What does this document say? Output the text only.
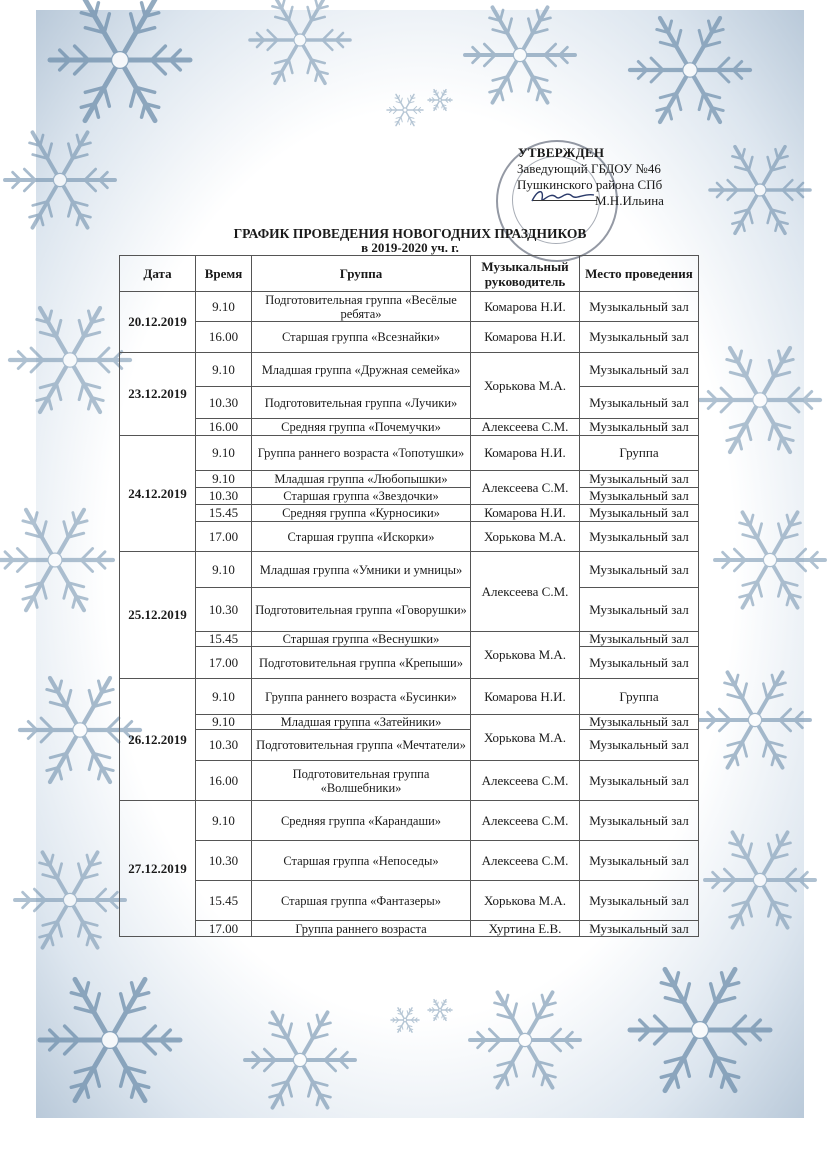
УТВЕРЖДЕН
Заведующий ГБДОУ №46
Пушкинского района СПб
М.Н.Ильина
ГРАФИК ПРОВЕДЕНИЯ НОВОГОДНИХ ПРАЗДНИКОВ
в 2019-2020 уч. г.
Дата	Время	Группа	Музыкальный руководитель	Место проведения
20.12.2019	9.10	Подготовительная группа «Весёлые ребята»	Комарова Н.И.	Музыкальный зал
	16.00	Старшая группа «Всезнайки»	Комарова Н.И.	Музыкальный зал
23.12.2019	9.10	Младшая группа «Дружная семейка»	Хорькова М.А.	Музыкальный зал
	10.30	Подготовительная группа «Лучики»		Музыкальный зал
	16.00	Средняя группа «Почемучки»	Алексеева С.М.	Музыкальный зал
24.12.2019	9.10	Группа раннего возраста «Топотушки»	Комарова Н.И.	Группа
	9.10	Младшая группа «Любопышки»	Алексеева С.М.	Музыкальный зал
	10.30	Старшая группа «Звездочки»		Музыкальный зал
	15.45	Средняя группа «Курносики»	Комарова Н.И.	Музыкальный зал
	17.00	Старшая группа «Искорки»	Хорькова М.А.	Музыкальный зал
25.12.2019	9.10	Младшая группа «Умники и умницы»	Алексеева С.М.	Музыкальный зал
	10.30	Подготовительная группа «Говорушки»		Музыкальный зал
	15.45	Старшая группа «Веснушки»	Хорькова М.А.	Музыкальный зал
	17.00	Подготовительная группа «Крепыши»		Музыкальный зал
26.12.2019	9.10	Группа раннего возраста «Бусинки»	Комарова Н.И.	Группа
	9.10	Младшая группа «Затейники»	Хорькова М.А.	Музыкальный зал
	10.30	Подготовительная группа «Мечтатели»		Музыкальный зал
	16.00	Подготовительная группа «Волшебники»	Алексеева С.М.	Музыкальный зал
27.12.2019	9.10	Средняя группа «Карандаши»	Алексеева С.М.	Музыкальный зал
	10.30	Старшая группа «Непоседы»	Алексеева С.М.	Музыкальный зал
	15.45	Старшая группа «Фантазеры»	Хорькова М.А.	Музыкальный зал
	17.00	Группа раннего возраста	Хуртина Е.В.	Музыкальный зал
